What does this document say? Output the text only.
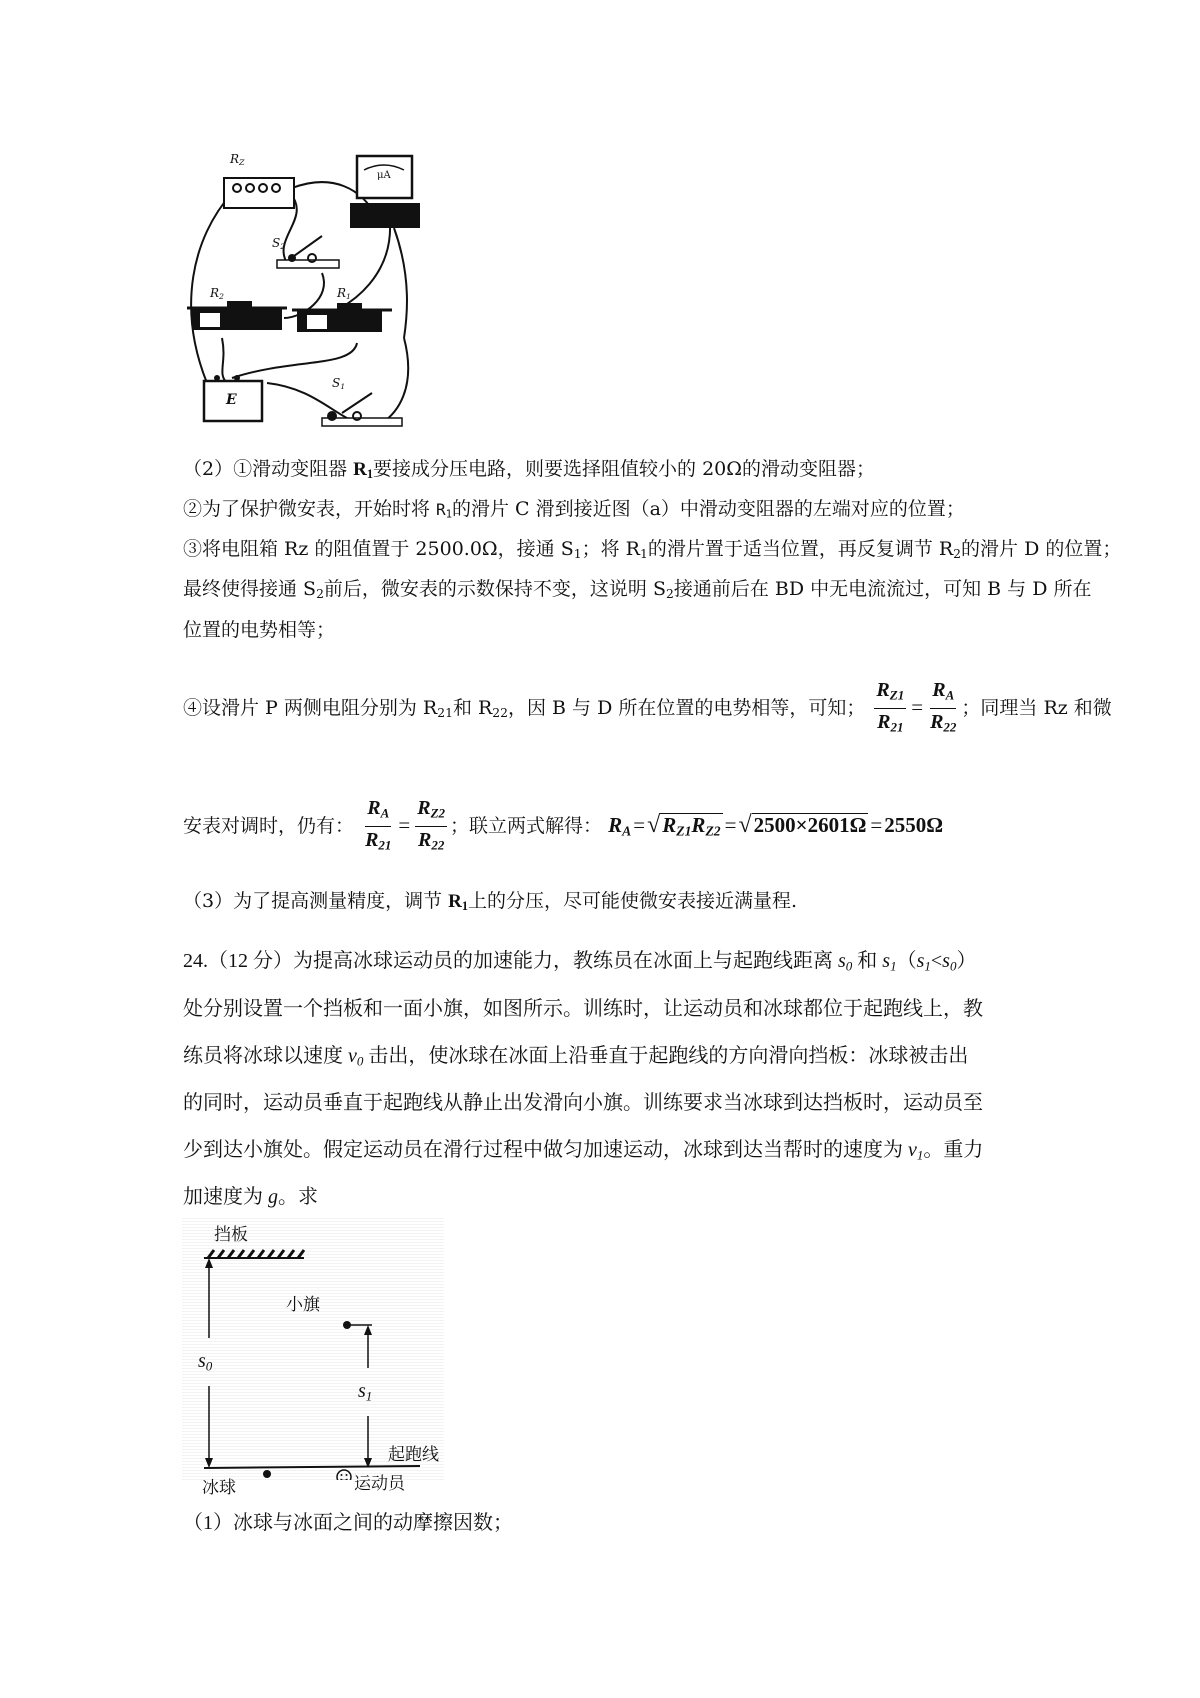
$R_Z$
μA
$S_2$
$R_2$	$R_1$
$S_1$
E
（2）①滑动变阻器 $R_1$要接成分压电路，则要选择阻值较小的 20Ω的滑动变阻器；
②为了保护微安表，开始时将 $R_1$的滑片 C 滑到接近图（a）中滑动变阻器的左端对应的位置；
③将电阻箱 Rz 的阻值置于 2500.0Ω，接通 $S_1$；将 $R_1$的滑片置于适当位置，再反复调节 $R_2$的滑片 D 的位置；
最终使得接通 $S_2$前后，微安表的示数保持不变，这说明 $S_2$接通前后在 BD 中无电流流过，可知 B 与 D 所在
位置的电势相等；
④设滑片 P 两侧电阻分别为 $R_{21}$和 $R_{22}$，因 B 与 D 所在位置的电势相等，可知； $\frac{R_{Z1}}{R_{21}} = \frac{R_A}{R_{22}}$ ；同理当 Rz 和微
安表对调时，仍有： $\frac{R_A}{R_{21}} = \frac{R_{Z2}}{R_{22}}$ ；联立两式解得： $R_A=√R_{Z1}R_{Z2} =√2500\times 2601\Omega =2550\Omega$
（3）为了提高测量精度，调节 $R_1$上的分压，尽可能使微安表接近满量程.
24.（12 分）为提高冰球运动员的加速能力，教练员在冰面上与起跑线距离 $s_0$ 和 $s_1(s_1<s_0)$
处分别设置一个挡板和一面小旗，如图所示。训练时，让运动员和冰球都位于起跑线上，教
练员将冰球以速度 $v_0$ 击出，使冰球在冰面上沿垂直于起跑线的方向滑向挡板：冰球被击出
的同时，运动员垂直于起跑线从静止出发滑向小旗。训练要求当冰球到达挡板时，运动员至
少到达小旗处。假定运动员在滑行过程中做匀加速运动，冰球到达当帮时的速度为 $v_1$。重力
加速度为 g。求
挡板
小旗
$s_0$
$s_1$
起跑线
冰球	运动员
（1）冰球与冰面之间的动摩擦因数；
